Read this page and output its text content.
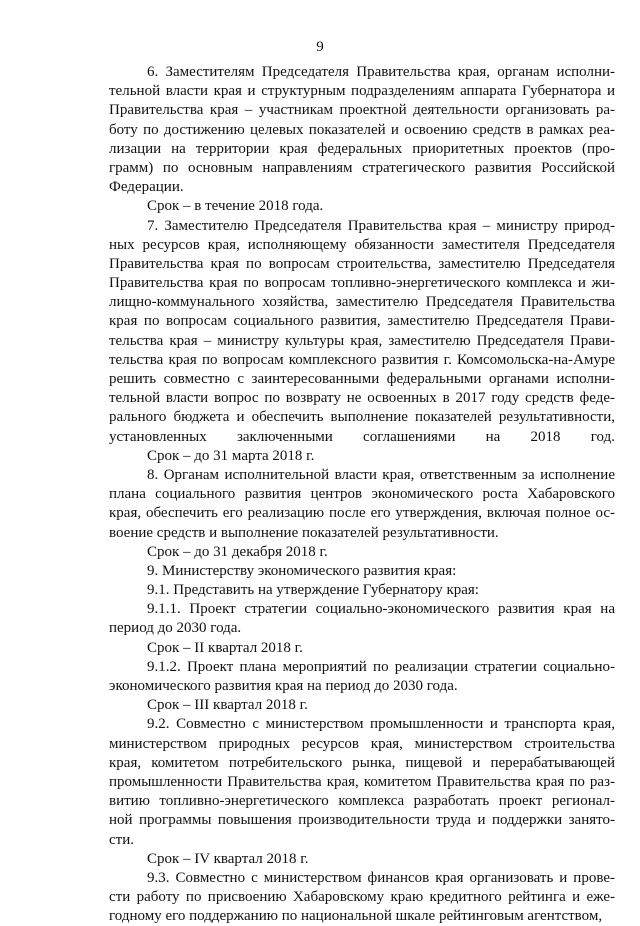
9
6. Заместителям Председателя Правительства края, органам исполни-
тельной власти края и структурным подразделениям аппарата Губернатора и
Правительства края – участникам проектной деятельности организовать ра-
боту по достижению целевых показателей и освоению средств в рамках реа-
лизации на территории края федеральных приоритетных проектов (про-
грамм) по основным направлениям стратегического развития Российской
Федерации.
Срок – в течение 2018 года.
7. Заместителю Председателя Правительства края – министру природ-
ных ресурсов края, исполняющему обязанности заместителя Председателя
Правительства края по вопросам строительства, заместителю Председателя
Правительства края по вопросам топливно-энергетического комплекса и жи-
лищно-коммунального хозяйства, заместителю Председателя Правительства
края по вопросам социального развития, заместителю Председателя Прави-
тельства края – министру культуры края, заместителю Председателя Прави-
тельства края по вопросам комплексного развития г. Комсомольска-на-Амуре
решить совместно с заинтересованными федеральными органами исполни-
тельной власти вопрос по возврату не освоенных в 2017 году средств феде-
рального бюджета и обеспечить выполнение показателей результативности,
установленных заключенными соглашениями на 2018 год.
Срок – до 31 марта 2018 г.
8. Органам исполнительной власти края, ответственным за исполнение
плана социального развития центров экономического роста Хабаровского
края, обеспечить его реализацию после его утверждения, включая полное ос-
воение средств и выполнение показателей результативности.
Срок – до 31 декабря 2018 г.
9. Министерству экономического развития края:
9.1. Представить на утверждение Губернатору края:
9.1.1. Проект стратегии социально-экономического развития края на
период до 2030 года.
Срок – II квартал 2018 г.
9.1.2. Проект плана мероприятий по реализации стратегии социально-
экономического развития края на период до 2030 года.
Срок – III квартал 2018 г.
9.2. Совместно с министерством промышленности и транспорта края,
министерством природных ресурсов края, министерством строительства
края, комитетом потребительского рынка, пищевой и перерабатывающей
промышленности Правительства края, комитетом Правительства края по раз-
витию топливно-энергетического комплекса разработать проект регионал-
ной программы повышения производительности труда и поддержки занято-
сти.
Срок – IV квартал 2018 г.
9.3. Совместно с министерством финансов края организовать и прове-
сти работу по присвоению Хабаровскому краю кредитного рейтинга и еже-
годному его поддержанию по национальной шкале рейтинговым агентством,
